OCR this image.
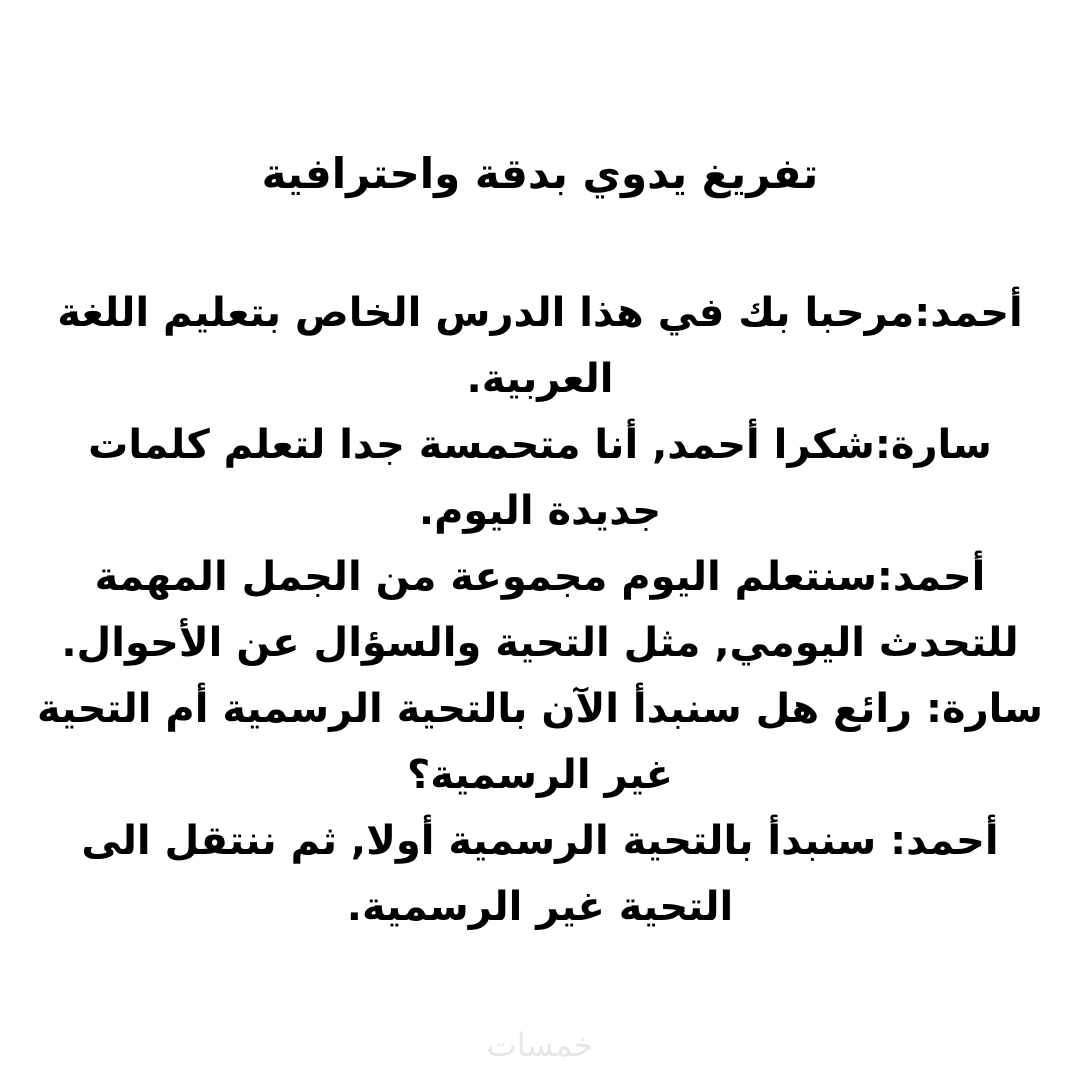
تفريغ يدوي بدقة واحترافية
أحمد:مرحبا بك في هذا الدرس الخاص بتعليم اللغة
العربية.
سارة:شكرا أحمد, أنا متحمسة جدا لتعلم كلمات
جديدة اليوم.
أحمد:سنتعلم اليوم مجموعة من الجمل المهمة
للتحدث اليومي, مثل التحية والسؤال عن الأحوال.
سارة: رائع هل سنبدأ الآن بالتحية الرسمية أم التحية
غير الرسمية؟
أحمد: سنبدأ بالتحية الرسمية أولا, ثم ننتقل الى
التحية غير الرسمية.
خمسات
